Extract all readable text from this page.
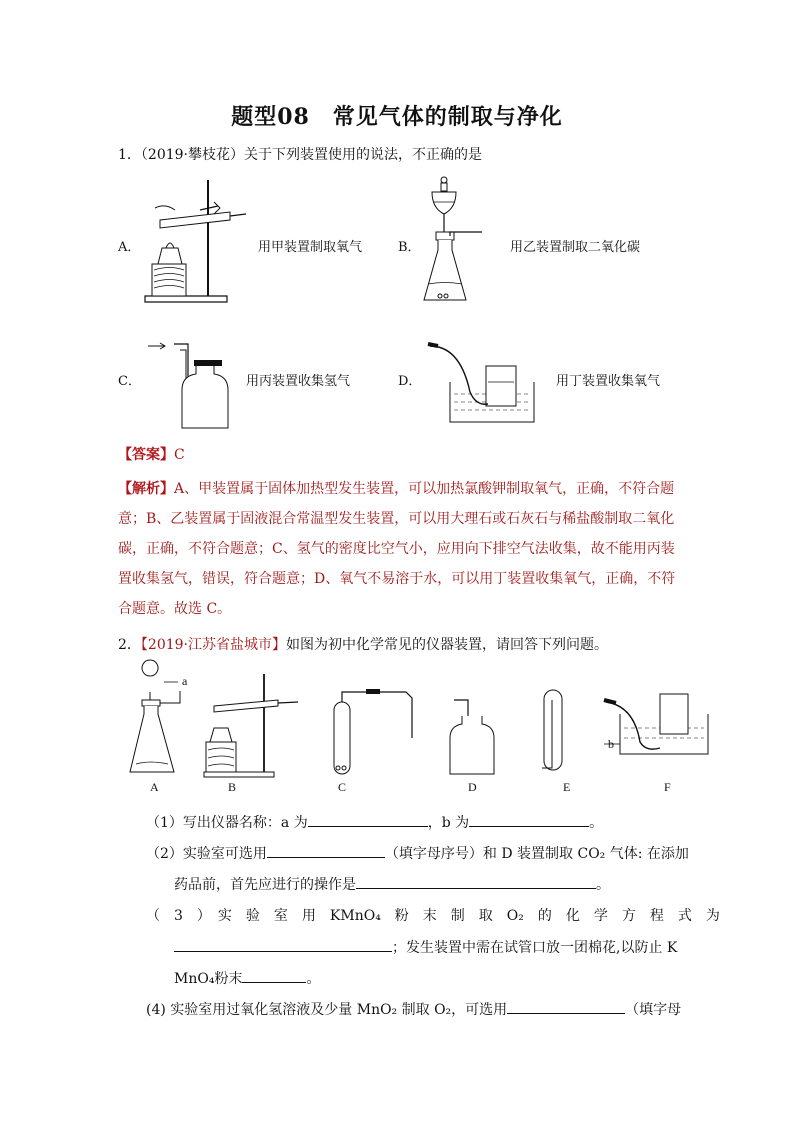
题型08　常见气体的制取与净化
1．（2019·攀枝花）关于下列装置使用的说法，不正确的是
A．	用甲装置制取氧气	B．	用乙装置制取二氧化碳
C．	用丙装置收集氢气	D．	用丁装置收集氧气
【答案】C
【解析】A、甲装置属于固体加热型发生装置，可以加热氯酸钾制取氧气，正确，不符合题
意；B、乙装置属于固液混合常温型发生装置，可以用大理石或石灰石与稀盐酸制取二氧化
碳，正确，不符合题意；C、氢气的密度比空气小，应用向下排空气法收集，故不能用丙装
置收集氢气，错误，符合题意；D、氧气不易溶于水，可以用丁装置收集氧气，正确，不符
合题意。故选 C。
2．【2019·江苏省盐城市】如图为初中化学常见的仪器装置，请回答下列问题。
a
b
A	B	C	D	E	F
（1）写出仪器名称：a 为	，b 为	。
（2）实验室可选用	（填字母序号）和 D 装置制取 CO₂ 气体: 在添加
药品前，首先应进行的操作是	。
（　3　）　实　验　室　用　KMnO₄　粉　末　制　取　O₂　的　化　学　方　程　式　为
；发生装置中需在试管口放一团棉花,以防止 K
MnO₄粉末	。
(4) 实验室用过氧化氢溶液及少量 MnO₂ 制取 O₂，可选用	（填字母
